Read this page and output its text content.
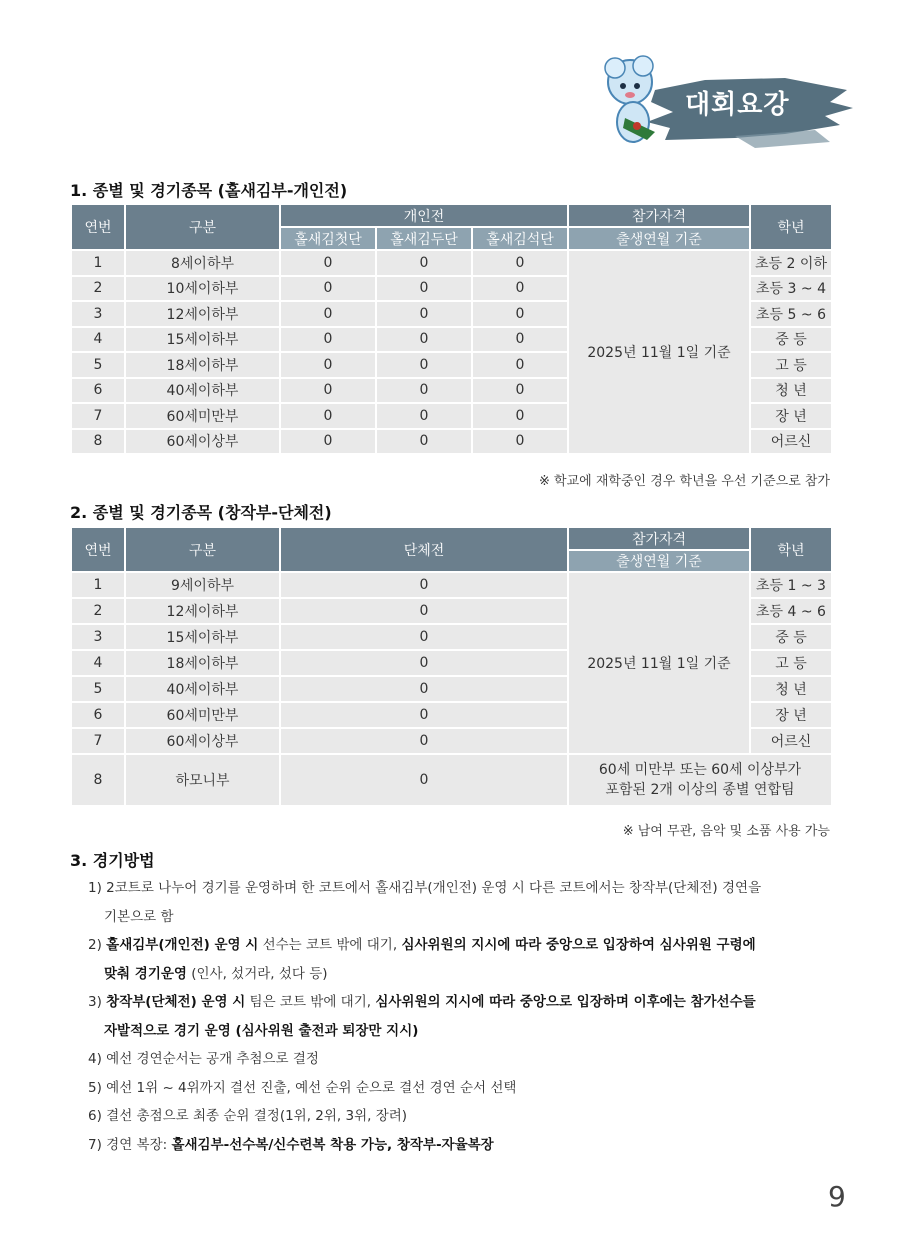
대회요강
1. 종별 및 경기종목 (홀새김부-개인전)
연번	구분	개인전			참가자격	학년
		홀새김첫단	홀새김두단	홀새김석단	출생연월 기준	
1	8세이하부	0	0	0	2025년 11월 1일 기준	초등 2 이하
2	10세이하부	0	0	0		초등 3 ~ 4
3	12세이하부	0	0	0		초등 5 ~ 6
4	15세이하부	0	0	0		중 등
5	18세이하부	0	0	0		고 등
6	40세이하부	0	0	0		청 년
7	60세미만부	0	0	0		장 년
8	60세이상부	0	0	0		어르신
※ 학교에 재학중인 경우 학년을 우선 기준으로 참가
2. 종별 및 경기종목 (창작부-단체전)
연번	구분	단체전	참가자격	학년
			출생연월 기준	
1	9세이하부	0	2025년 11월 1일 기준	초등 1 ~ 3
2	12세이하부	0		초등 4 ~ 6
3	15세이하부	0		중 등
4	18세이하부	0		고 등
5	40세이하부	0		청 년
6	60세미만부	0		장 년
7	60세이상부	0		어르신
8	하모니부	0	60세 미만부 또는 60세 이상부가
포함된 2개 이상의 종별 연합팀	
※ 남여 무관, 음악 및 소품 사용 가능
3. 경기방법
1) 2코트로 나누어 경기를 운영하며 한 코트에서 홀새김부(개인전) 운영 시 다른 코트에서는 창작부(단체전) 경연을
기본으로 함
2) 홀새김부(개인전) 운영 시 선수는 코트 밖에 대기, 심사위원의 지시에 따라 중앙으로 입장하여 심사위원 구령에
맞춰 경기운영 (인사, 섰거라, 섰다 등)
3) 창작부(단체전) 운영 시 팀은 코트 밖에 대기, 심사위원의 지시에 따라 중앙으로 입장하며 이후에는 참가선수들
자발적으로 경기 운영 (심사위원 출전과 퇴장만 지시)
4) 예선 경연순서는 공개 추첨으로 결정
5) 예선 1위 ~ 4위까지 결선 진출, 예선 순위 순으로 결선 경연 순서 선택
6) 결선 총점으로 최종 순위 결정(1위, 2위, 3위, 장려)
7) 경연 복장: 홀새김부-선수복/신수련복 착용 가능, 창작부-자율복장
9
